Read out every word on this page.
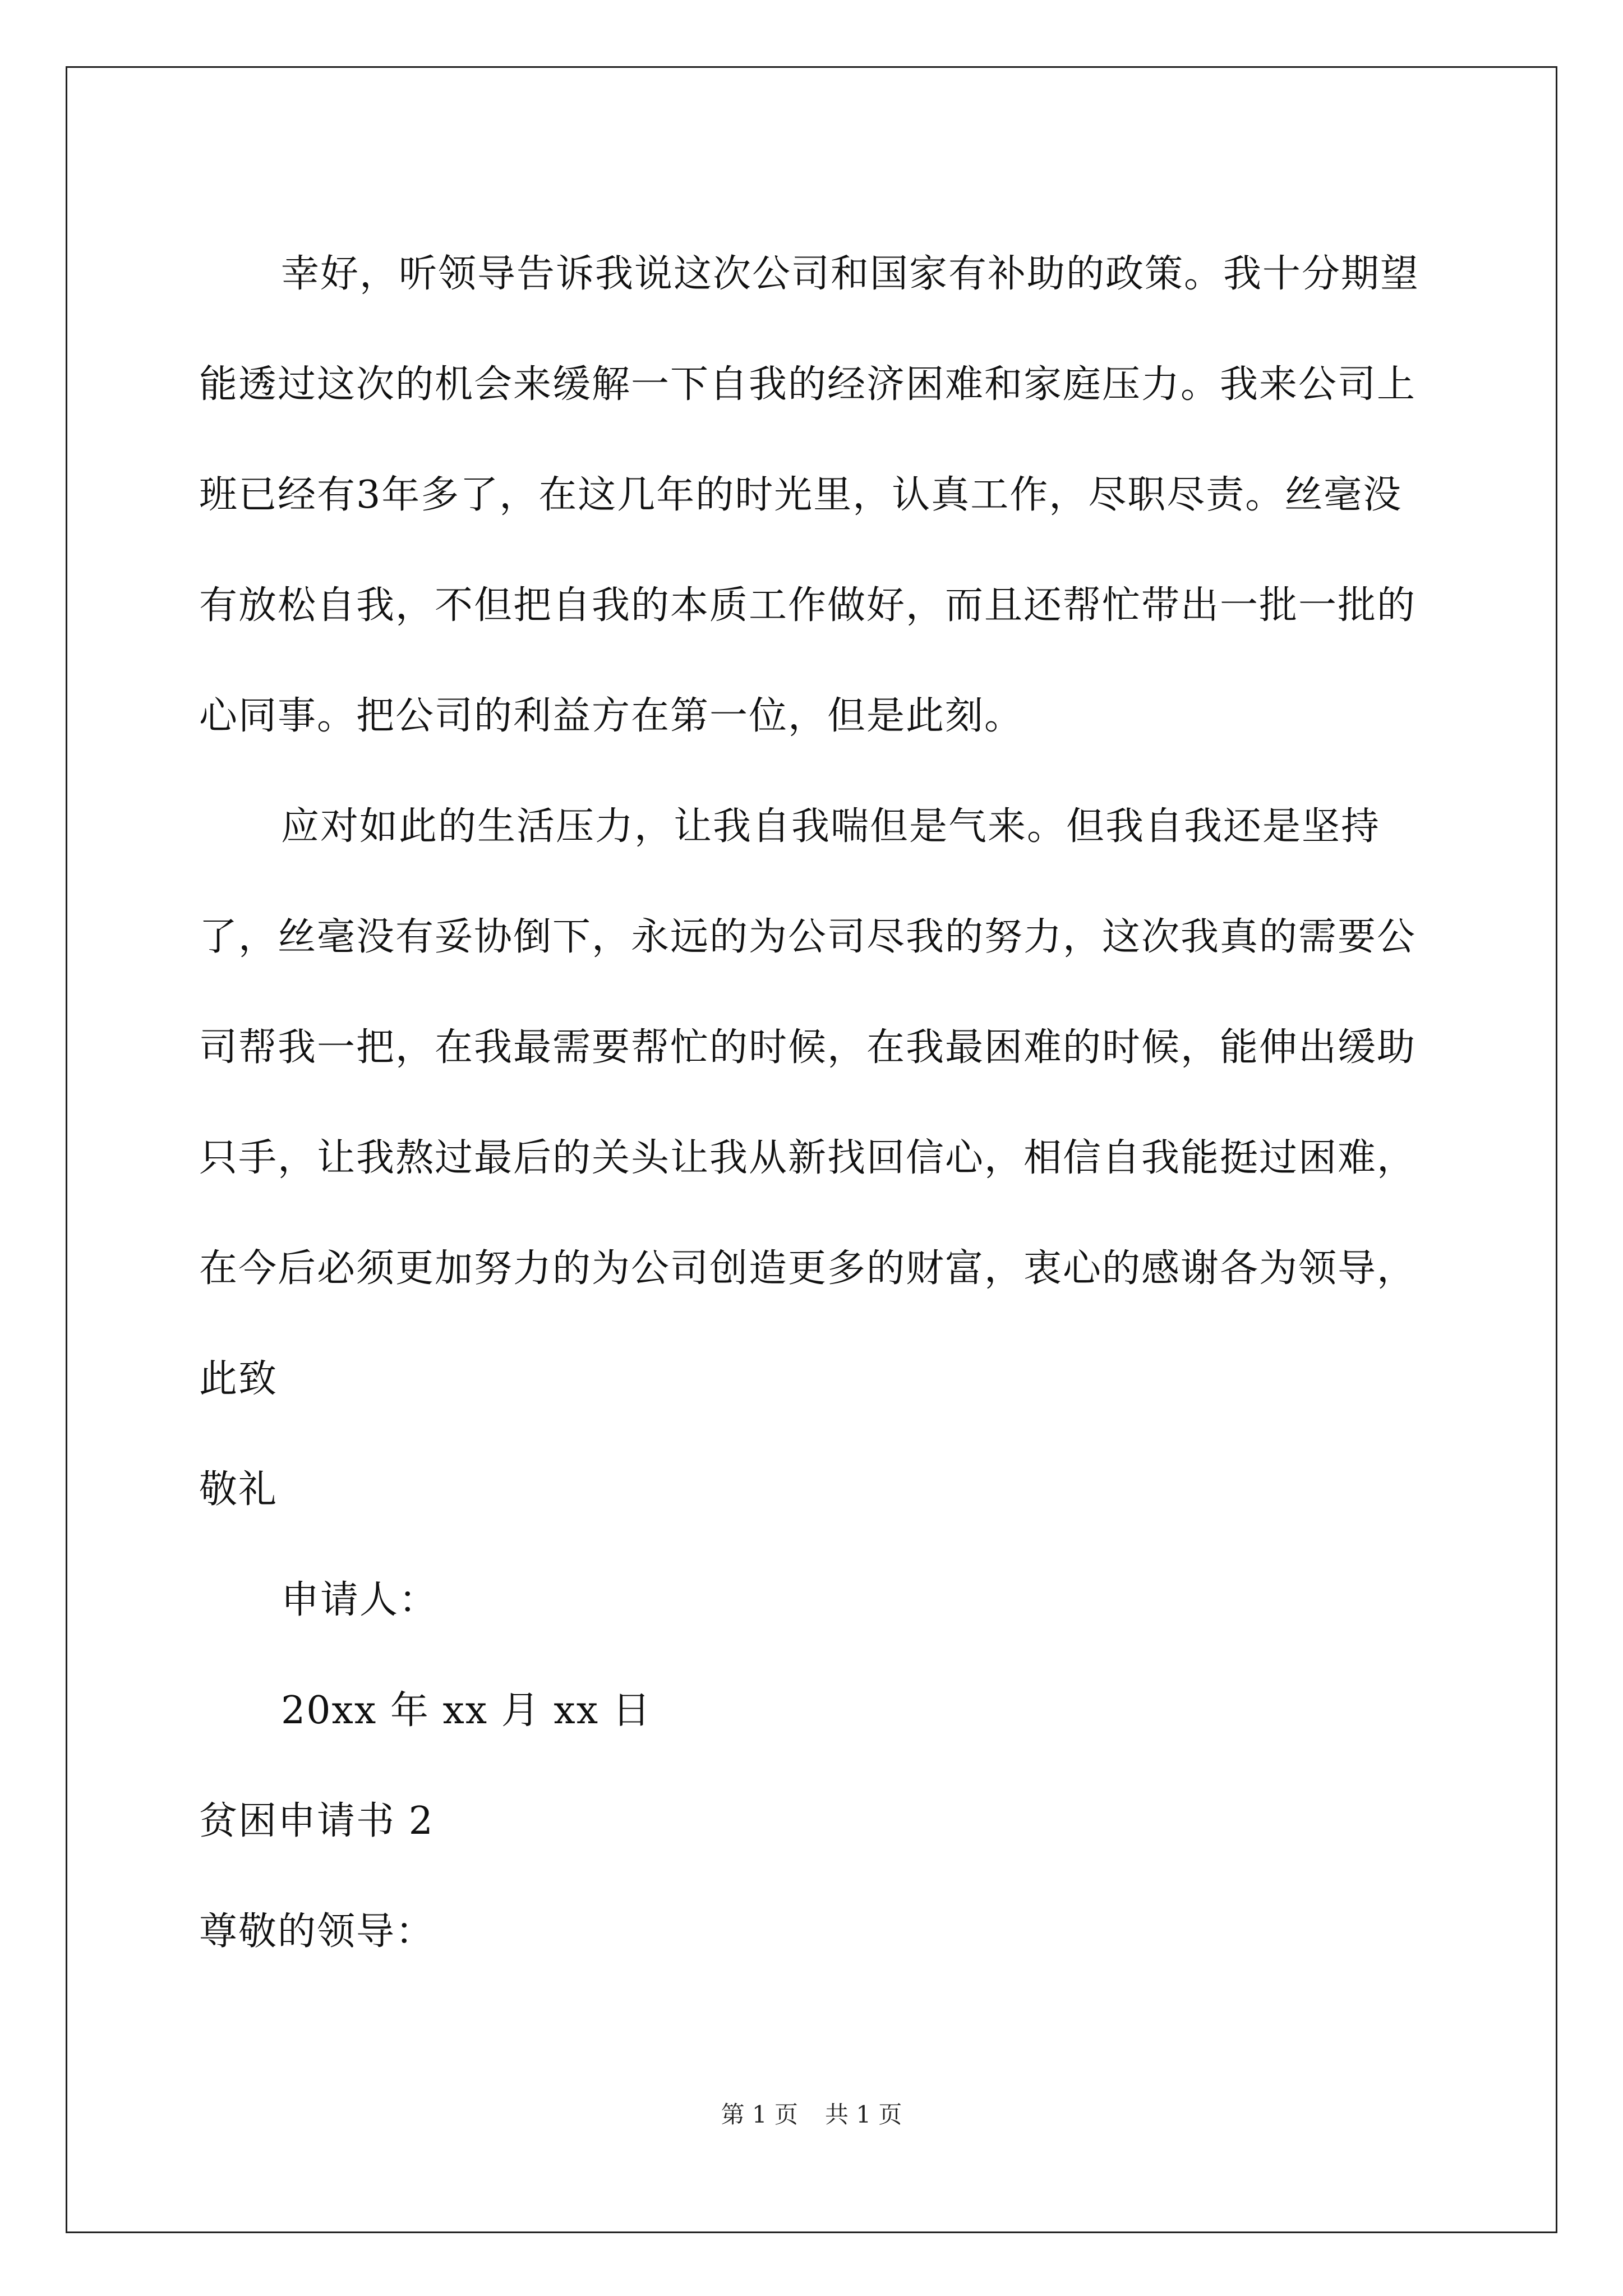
幸好，听领导告诉我说这次公司和国家有补助的政策。我十分期望能透过这次的机会来缓解一下自我的经济困难和家庭压力。我来公司上班已经有3年多了，在这几年的时光里，认真工作，尽职尽责。丝毫没有放松自我，不但把自我的本质工作做好，而且还帮忙带出一批一批的心同事。把公司的利益方在第一位，但是此刻。

应对如此的生活压力，让我自我喘但是气来。但我自我还是坚持了，丝毫没有妥协倒下，永远的为公司尽我的努力，这次我真的需要公司帮我一把，在我最需要帮忙的时候，在我最困难的时候，能伸出缓助只手，让我熬过最后的关头让我从新找回信心，相信自我能挺过困难，在今后必须更加努力的为公司创造更多的财富，衷心的感谢各为领导，

此致

敬礼

申请人：

20xx 年 xx 月 xx 日

贫困申请书 2

尊敬的领导：

第 1 页 共 1 页
